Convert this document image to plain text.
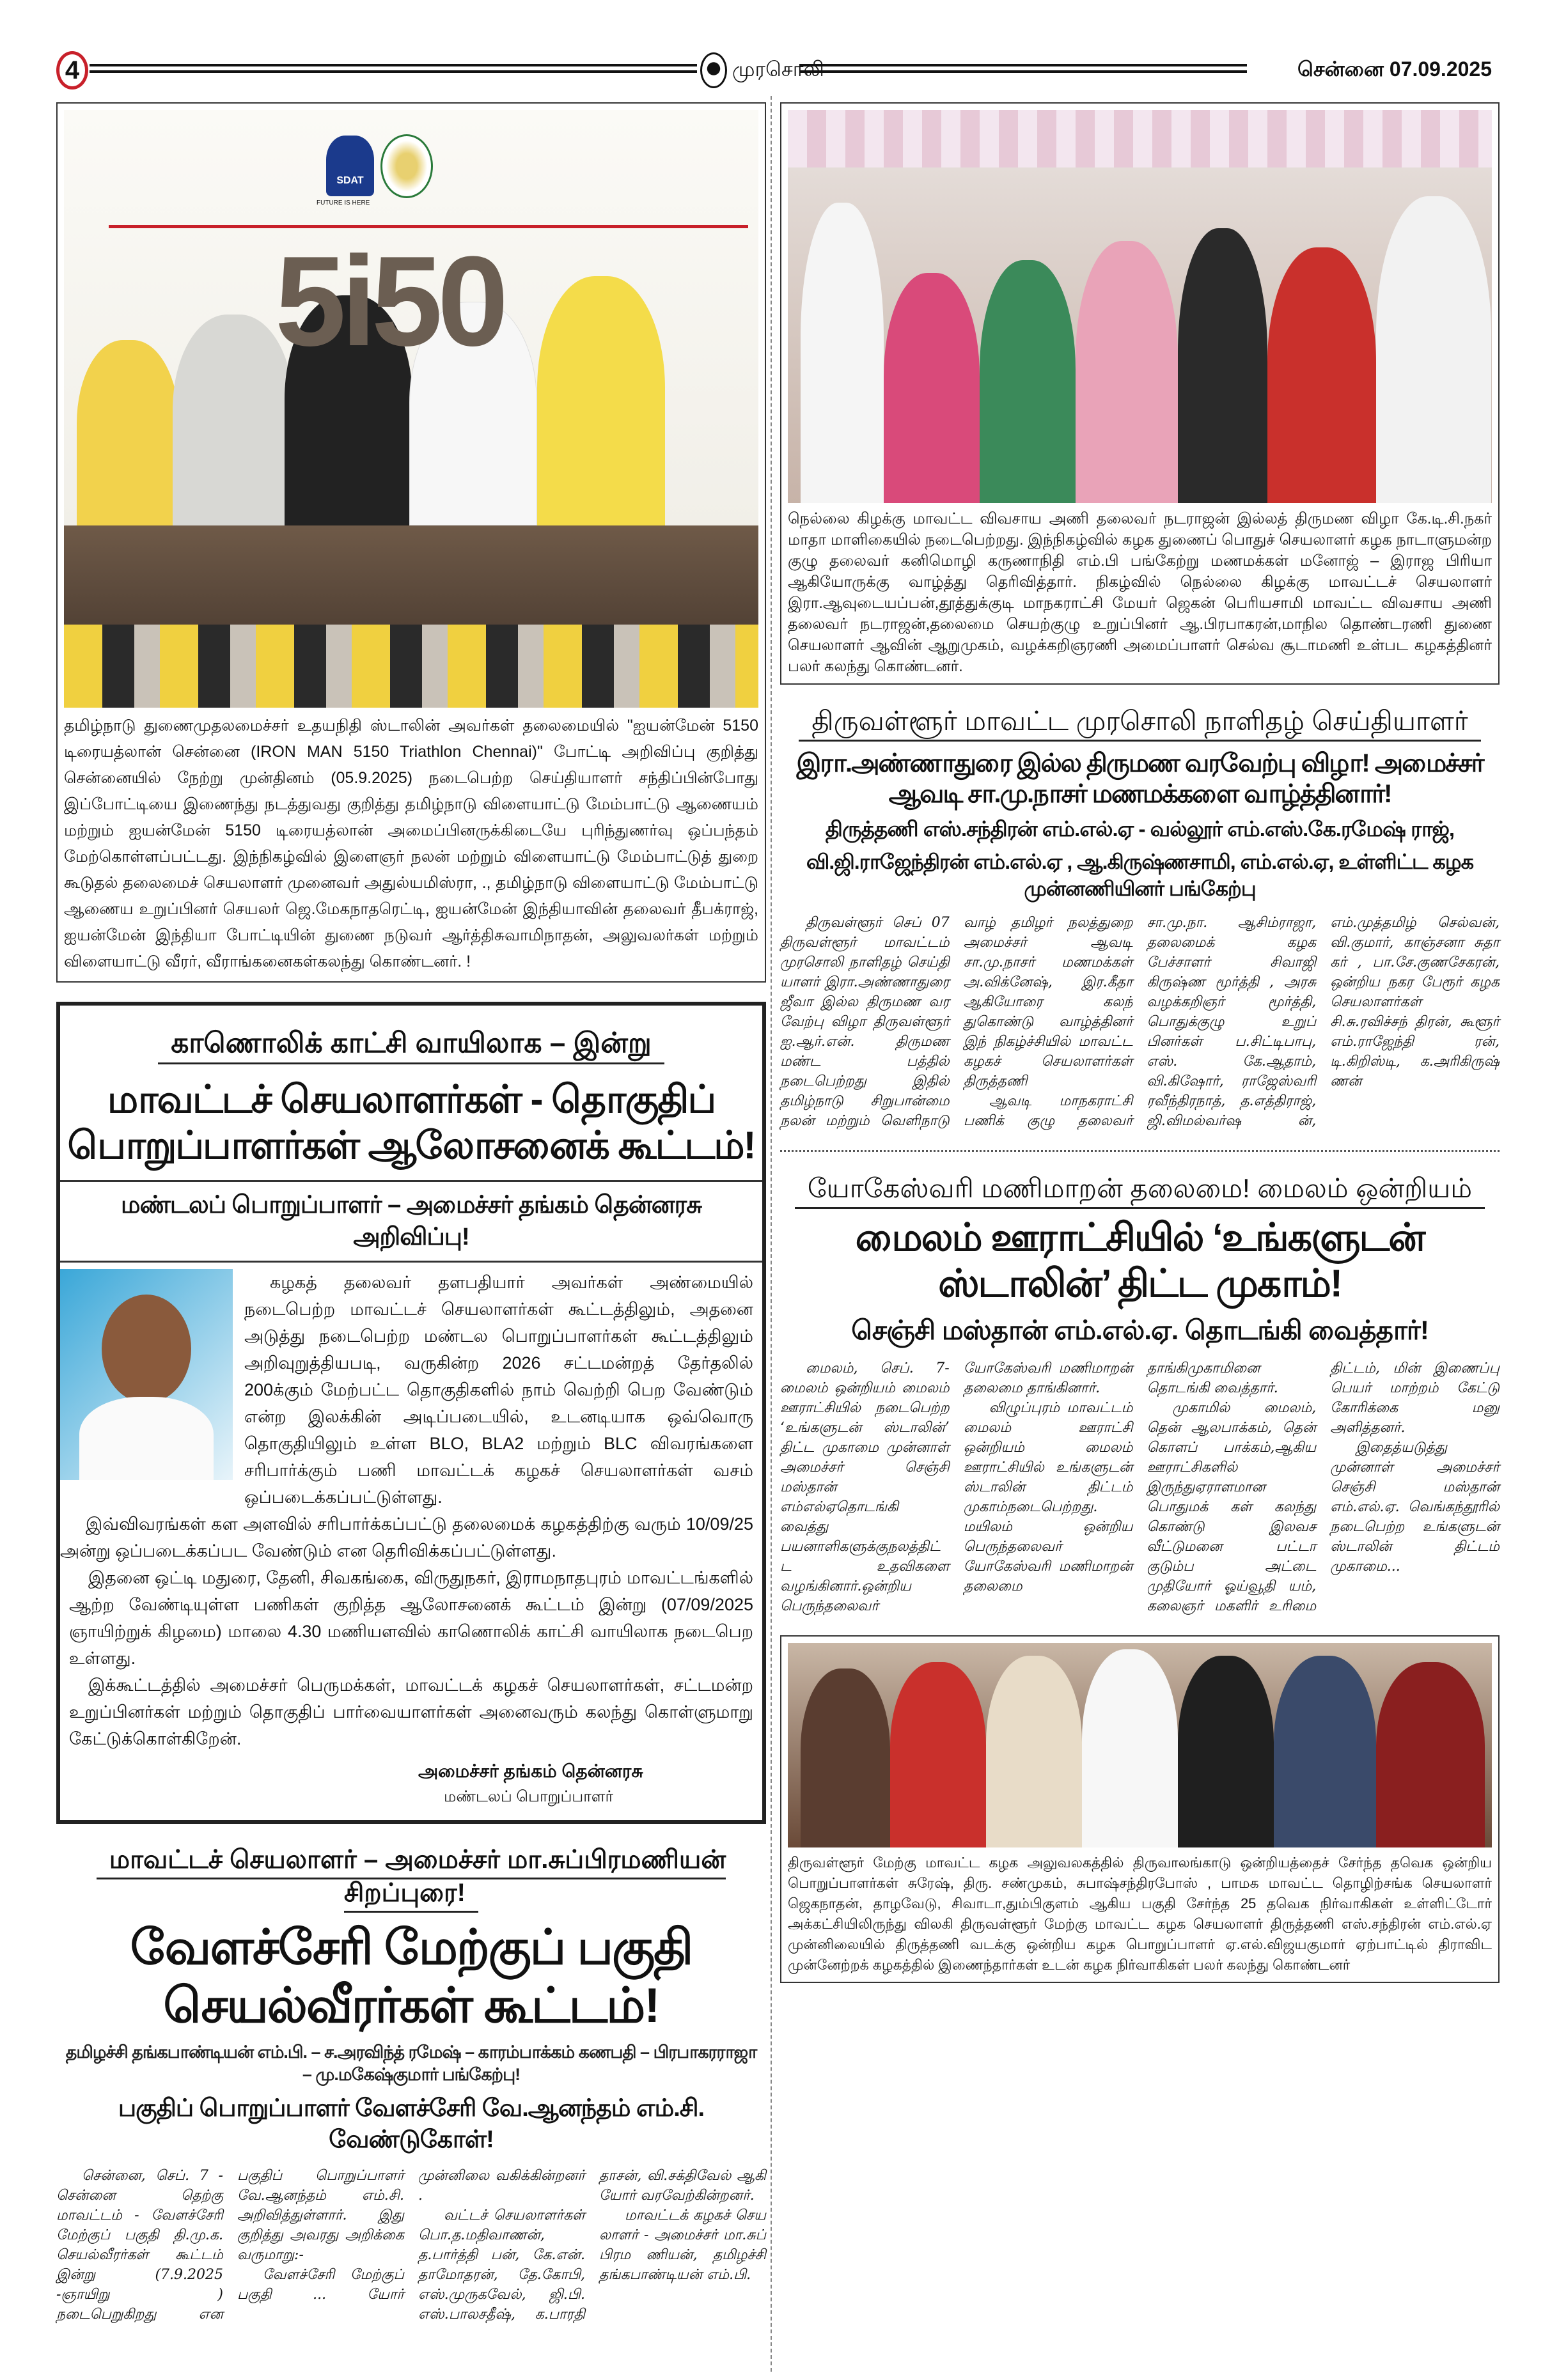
4	முரசொலி	சென்னை 07.09.2025
SDAT
FUTURE IS HERE
5i50
தமிழ்நாடு துணைமுதலமைச்சர் உதயநிதி ஸ்டாலின் அவர்கள் தலைமையில் "ஐயன்மேன் 5150 டிரையத்லான் சென்னை (IRON MAN 5150 Triathlon Chennai)" போட்டி அறிவிப்பு குறித்து சென்னையில் நேற்று முன்தினம் (05.9.2025) நடைபெற்ற செய்தியாளர் சந்திப்பின்போது இப்போட்டியை இணைந்து நடத்துவது குறித்து தமிழ்நாடு விளையாட்டு மேம்பாட்டு ஆணையம் மற்றும் ஐயன்மேன் 5150 டிரையத்லான் அமைப்பினருக்கிடையே புரிந்துணர்வு ஒப்பந்தம் மேற்கொள்ளப்பட்டது. இந்நிகழ்வில் இளைஞர் நலன் மற்றும் விளையாட்டு மேம்பாட்டுத் துறை கூடுதல் தலைமைச் செயலாளர் முனைவர் அதுல்யமிஸ்ரா, ., தமிழ்நாடு விளையாட்டு மேம்பாட்டு ஆணைய உறுப்பினர் செயலர் ஜெ.மேகநாதரெட்டி, ஐயன்மேன் இந்தியாவின் தலைவர் தீபக்ராஜ், ஐயன்மேன் இந்தியா போட்டியின் துணை நடுவர் ஆர்த்திசுவாமிநாதன், அலுவலர்கள் மற்றும் விளையாட்டு வீரர், வீராங்கனைகள்கலந்து கொண்டனர். !
காணொலிக் காட்சி வாயிலாக – இன்று
மாவட்டச் செயலாளர்கள் - தொகுதிப் பொறுப்பாளர்கள் ஆலோசனைக் கூட்டம்!
மண்டலப் பொறுப்பாளர் – அமைச்சர் தங்கம் தென்னரசு அறிவிப்பு!

கழகத் தலைவர் தளபதியார் அவர்கள் அண்மையில் நடைபெற்ற மாவட்டச் செயலாளர்கள் கூட்டத்திலும், அதனை அடுத்து நடைபெற்ற மண்டல பொறுப்பாளர்கள் கூட்டத்திலும் அறிவுறுத்தியபடி, வருகின்ற 2026 சட்டமன்றத் தேர்தலில் 200க்கும் மேற்பட்ட தொகுதிகளில் நாம் வெற்றி பெற வேண்டும் என்ற இலக்கின் அடிப்படையில், உடனடியாக ஒவ்வொரு தொகுதியிலும் உள்ள BLO, BLA2 மற்றும் BLC விவரங்களை சரிபார்க்கும் பணி மாவட்டக் கழகச் செயலாளர்கள் வசம் ஒப்படைக்கப்பட்டுள்ளது.

இவ்விவரங்கள் கள அளவில் சரிபார்க்கப்பட்டு தலைமைக் கழகத்திற்கு வரும் 10/09/25 அன்று ஒப்படைக்கப்பட வேண்டும் என தெரிவிக்கப்பட்டுள்ளது.

இதனை ஒட்டி மதுரை, தேனி, சிவகங்கை, விருதுநகர், இராமநாதபுரம் மாவட்டங்களில் ஆற்ற வேண்டியுள்ள பணிகள் குறித்த ஆலோசனைக் கூட்டம் இன்று (07/09/2025 ஞாயிற்றுக் கிழமை) மாலை 4.30 மணியளவில் காணொலிக் காட்சி வாயிலாக நடைபெற உள்ளது.

இக்கூட்டத்தில் அமைச்சர் பெருமக்கள், மாவட்டக் கழகச் செயலாளர்கள், சட்டமன்ற உறுப்பினர்கள் மற்றும் தொகுதிப் பார்வையாளர்கள் அனைவரும் கலந்து கொள்ளுமாறு கேட்டுக்கொள்கிறேன்.

அமைச்சர் தங்கம் தென்னரசு
மண்டலப் பொறுப்பாளர்
மாவட்டச் செயலாளர் – அமைச்சர் மா.சுப்பிரமணியன் சிறப்புரை!
வேளச்சேரி மேற்குப் பகுதி செயல்வீரர்கள் கூட்டம்!
தமிழச்சி தங்கபாண்டியன் எம்.பி. – ச.அரவிந்த் ரமேஷ் – காரம்பாக்கம் கணபதி – பிரபாகரராஜா – மு.மகேஷ்குமார் பங்கேற்பு!
பகுதிப் பொறுப்பாளர் வேளச்சேரி வே.ஆனந்தம் எம்.சி. வேண்டுகோள்!

சென்னை, செப். 7 - சென்னை தெற்கு மாவட்டம் - வேளச்சேரி மேற்குப் பகுதி தி.மு.க. செயல்வீரர்கள் கூட்டம் இன்று (7.9.2025 -ஞாயிறு ) நடைபெறுகிறது என பகுதிப் பொறுப்பாளர் வே.ஆனந்தம் எம்.சி. அறிவித்துள்ளார். இது குறித்து அவரது அறிக்கை வருமாறு:-

வேளச்சேரி மேற்குப் பகுதி ... யோர் முன்னிலை வகிக்கின்றனர் .

வட்டச் செயலாளர்கள் பொ.த.மதிவாணன், த.பார்த்தி பன், கே.என். தாமோதரன், தே.கோபி, எஸ்.முருகவேல், ஜி.பி. எஸ்.பாலசதீஷ், க.பாரதி தாசன், வி.சக்திவேல் ஆகி யோர் வரவேற்கின்றனர்.

மாவட்டக் கழகச் செய லாளர் - அமைச்சர் மா.சுப் பிரம ணியன், தமிழச்சி தங்கபாண்டியன் எம்.பி.

நெல்லை கிழக்கு மாவட்ட விவசாய அணி தலைவர் நடராஜன் இல்லத் திருமண விழா கே.டி.சி.நகர் மாதா மாளிகையில் நடைபெற்றது. இந்நிகழ்வில் கழக துணைப் பொதுச் செயலாளர் கழக நாடாளுமன்ற குழு தலைவர் கனிமொழி கருணாநிதி எம்.பி பங்கேற்று மணமக்கள் மனோஜ் – இராஜ பிரியா ஆகியோருக்கு வாழ்த்து தெரிவித்தார். நிகழ்வில் நெல்லை கிழக்கு மாவட்டச் செயலாளர் இரா.ஆவுடையப்பன்,தூத்துக்குடி மாநகராட்சி மேயர் ஜெகன் பெரியசாமி மாவட்ட விவசாய அணி தலைவர் நடராஜன்,தலைமை செயற்குழு உறுப்பினர் ஆ.பிரபாகரன்,மாநில தொண்டரணி துணை செயலாளர் ஆவின் ஆறுமுகம், வழக்கறிஞரணி அமைப்பாளர் செல்வ சூடாமணி உள்பட கழகத்தினர் பலர் கலந்து கொண்டனர்.
திருவள்ளூர் மாவட்ட முரசொலி நாளிதழ் செய்தியாளர்
இரா.அண்ணாதுரை இல்ல திருமண வரவேற்பு விழா! அமைச்சர் ஆவடி சா.மு.நாசர் மணமக்களை வாழ்த்தினார்!
திருத்தணி எஸ்.சந்திரன் எம்.எல்.ஏ - வல்லூர் எம்.எஸ்.கே.ரமேஷ் ராஜ்,
வி.ஜி.ராஜேந்திரன் எம்.எல்.ஏ , ஆ.கிருஷ்ணசாமி, எம்.எல்.ஏ, உள்ளிட்ட கழக முன்னணியினர் பங்கேற்பு

திருவள்ளூர் செப் 07 திருவள்ளூர் மாவட்டம் முரசொலி நாளிதழ் செய்தி யாளர் இரா.அண்ணாதுரை ஜீவா இல்ல திருமண வர வேற்பு விழா திருவள்ளூர் ஐ.ஆர்.என். திருமண மண்ட பத்தில் நடைபெற்றது இதில் தமிழ்நாடு சிறுபான்மை நலன் மற்றும் வெளிநாடு வாழ் தமிழர் நலத்துறை அமைச்சர் ஆவடி சா.மு.நாசர் மணமக்கள் அ.விக்னேஷ், இர.கீதா ஆகியோரை கலந் துகொண்டு வாழ்த்தினர் இந் நிகழ்ச்சியில் மாவட்ட கழகச் செயலாளர்கள் திருத்தணி

ஆவடி மாநகராட்சி பணிக் குழு தலைவர் சா.மு.நா. ஆசிம்ராஜா, தலைமைக் கழக பேச்சாளர் சிவாஜி கிருஷ்ண மூர்த்தி , அரசு வழக்கறிஞர் மூர்த்தி, பொதுக்குழு உறுப் பினர்கள் ப.சிட்டிபாபு, எஸ். கே.ஆதாம், வி.கிஷோர், ராஜேஸ்வரி ரவீந்திரநாத், த.எத்திராஜ், ஜி.விமல்வர்ஷ ன், எம்.முத்தமிழ் செல்வன், வி.குமார், காஞ்சனா சுதா கர் , பா.சே.குணசேகரன், ஒன்றிய நகர பேரூர் கழக செயலாளர்கள் சி.சு.ரவிச்சந் திரன், கூளூர் எம்.ராஜேந்தி ரன், டி.கிறிஸ்டி, க.அரிகிருஷ் ணன்

யோகேஸ்வரி மணிமாறன் தலைமை! மைலம் ஒன்றியம்
மைலம் ஊராட்சியில் ‘உங்களுடன் ஸ்டாலின்’ திட்ட முகாம்!
செஞ்சி மஸ்தான் எம்.எல்.ஏ. தொடங்கி வைத்தார்!

மைலம், செப். 7- மைலம் ஒன்றியம் மைலம் ஊராட்சியில் நடைபெற்ற ‘உங்களுடன் ஸ்டாலின்’ திட்ட முகாமை முன்னாள் அமைச்சர் செஞ்சி மஸ்தான் எம்எல்ஏதொடங்கி வைத்து பயனாளிகளுக்குநலத்திட்ட உதவிகளை வழங்கினார்.ஒன்றிய பெருந்தலைவர் யோகேஸ்வரி மணிமாறன் தலைமை தாங்கினார்.

விழுப்புரம் மாவட்டம் மைலம் ஊராட்சி ஒன்றியம் மைலம் ஊராட்சியில் உங்களுடன் ஸ்டாலின் திட்டம் முகாம்நடைபெற்றது. மயிலம் ஒன்றிய பெருந்தலைவர் யோகேஸ்வரி மணிமாறன் தலைமை தாங்கிமுகாமினை தொடங்கி வைத்தார்.

முகாமில் மைலம், தென் ஆலபாக்கம், தென் கொளப் பாக்கம்,ஆகிய ஊராட்சிகளில் இருந்துஏராளமான பொதுமக் கள் கலந்து கொண்டு இலவச வீட்டுமனை பட்டா குடும்ப அட்டை முதியோர் ஓய்வூதி யம், கலைஞர் மகளிர் உரிமை திட்டம், மின் இணைப்பு பெயர் மாற்றம் கேட்டு கோரிக்கை மனு அளித்தனர்.

இதைத்யடுத்து முன்னாள் அமைச்சர் செஞ்சி மஸ்தான் எம்.எல்.ஏ. வெங்கந்தூரில் நடைபெற்ற உங்களுடன் ஸ்டாலின் திட்டம் முகாமை...

திருவள்ளூர் மேற்கு மாவட்ட கழக அலுவலகத்தில் திருவாலங்காடு ஒன்றியத்தைச் சேர்ந்த தவெக ஒன்றிய பொறுப்பாளர்கள் சுரேஷ், திரு. சண்முகம், சுபாஷ்சந்திரபோஸ் , பாமக மாவட்ட தொழிற்சங்க செயலாளர் ஜெகநாதன், தாழவேடு, சிவாடா,தும்பிகுளம் ஆகிய பகுதி சேர்ந்த 25 தவெக நிர்வாகிகள் உள்ளிட்டோர் அக்கட்சியிலிருந்து விலகி திருவள்ளூர் மேற்கு மாவட்ட கழக செயலாளர் திருத்தணி எஸ்.சந்திரன் எம்.எல்.ஏ முன்னிலையில் திருத்தணி வடக்கு ஒன்றிய கழக பொறுப்பாளர் ஏ.எல்.விஜயகுமார் ஏற்பாட்டில் திராவிட முன்னேற்றக் கழகத்தில் இணைந்தார்கள் உடன் கழக நிர்வாகிகள் பலர் கலந்து கொண்டனர்
